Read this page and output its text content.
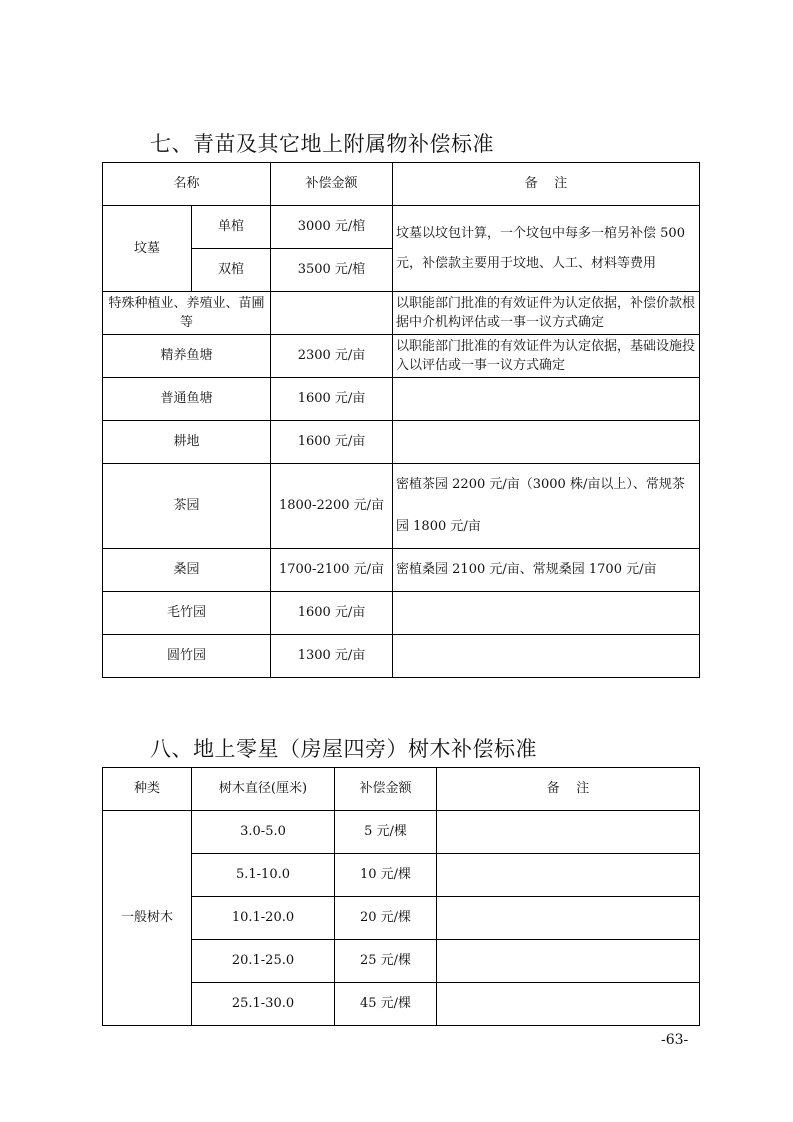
七、青苗及其它地上附属物补偿标准
名称		补偿金额	备    注
坟墓	单棺	3000 元/棺	坟墓以坟包计算，一个坟包中每多一棺另补偿 500 元，补偿款主要用于坟地、人工、材料等费用
	双棺	3500 元/棺	
特殊种植业、养殖业、苗圃等			以职能部门批准的有效证件为认定依据，补偿价款根据中介机构评估或一事一议方式确定
精养鱼塘		2300 元/亩	以职能部门批准的有效证件为认定依据，基础设施投入以评估或一事一议方式确定
普通鱼塘		1600 元/亩	
耕地		1600 元/亩	
茶园		1800-2200 元/亩	密植茶园 2200 元/亩（3000 株/亩以上）、常规茶园 1800 元/亩
桑园		1700-2100 元/亩	密植桑园 2100 元/亩、常规桑园 1700 元/亩
毛竹园		1600 元/亩	
圆竹园		1300 元/亩	
八、地上零星（房屋四旁）树木补偿标准
种类	树木直径(厘米)	补偿金额	备    注
一般树木	3.0-5.0	5 元/棵	
	5.1-10.0	10 元/棵	
	10.1-20.0	20 元/棵	
	20.1-25.0	25 元/棵	
	25.1-30.0	45 元/棵	
-63-
